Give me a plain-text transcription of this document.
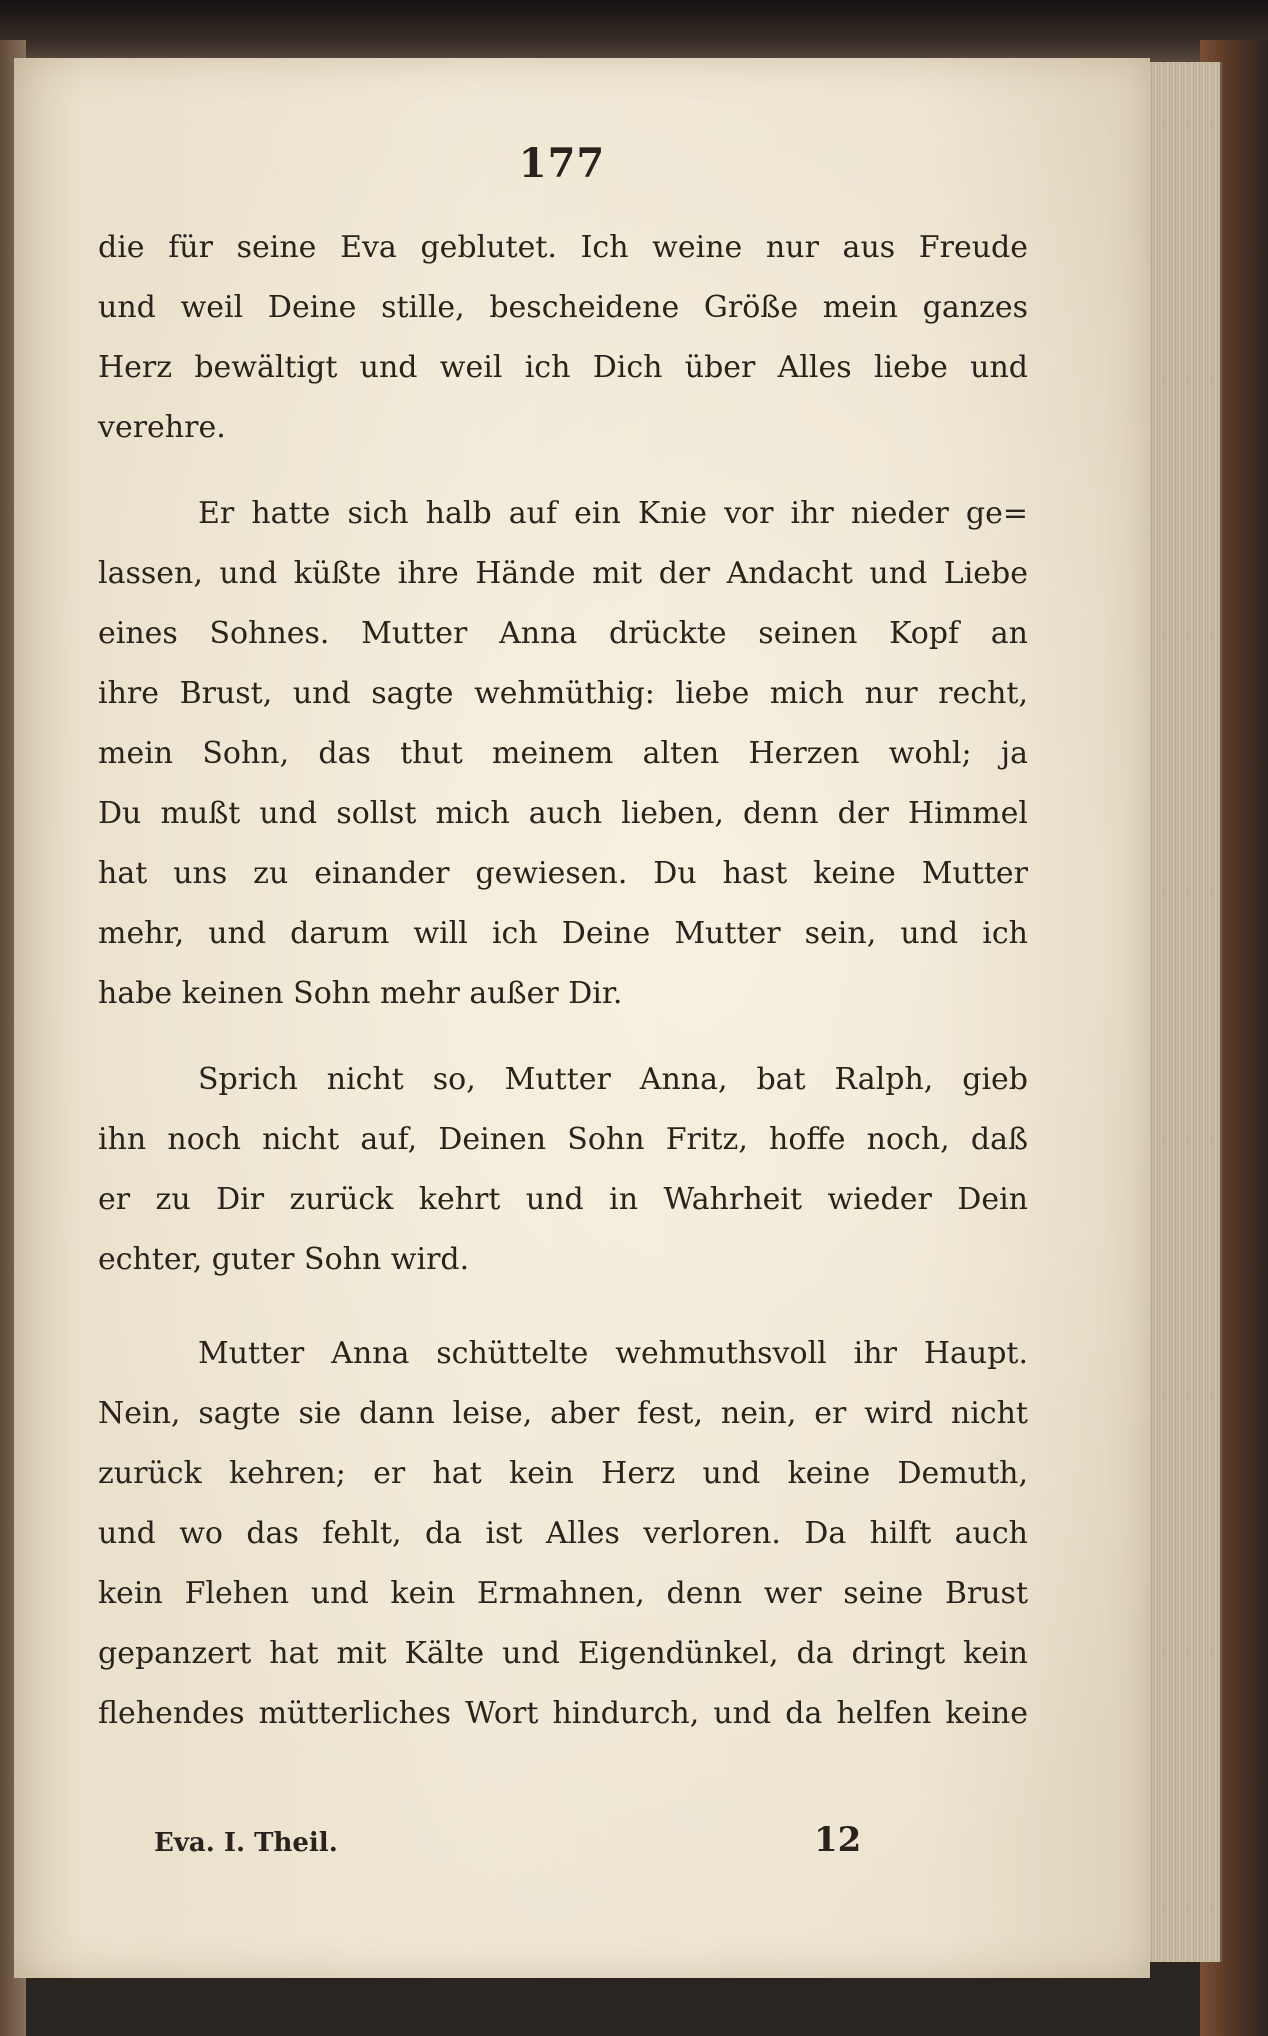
177
die für seine Eva geblutet. Ich weine nur aus Freude
und weil Deine stille, bescheidene Größe mein ganzes
Herz bewältigt und weil ich Dich über Alles liebe und
verehre.
Er hatte sich halb auf ein Knie vor ihr nieder ge=
lassen, und küßte ihre Hände mit der Andacht und Liebe
eines Sohnes. Mutter Anna drückte seinen Kopf an
ihre Brust, und sagte wehmüthig: liebe mich nur recht,
mein Sohn, das thut meinem alten Herzen wohl; ja
Du mußt und sollst mich auch lieben, denn der Himmel
hat uns zu einander gewiesen. Du hast keine Mutter
mehr, und darum will ich Deine Mutter sein, und ich
habe keinen Sohn mehr außer Dir.
Sprich nicht so, Mutter Anna, bat Ralph, gieb
ihn noch nicht auf, Deinen Sohn Fritz, hoffe noch, daß
er zu Dir zurück kehrt und in Wahrheit wieder Dein
echter, guter Sohn wird.
Mutter Anna schüttelte wehmuthsvoll ihr Haupt.
Nein, sagte sie dann leise, aber fest, nein, er wird nicht
zurück kehren; er hat kein Herz und keine Demuth,
und wo das fehlt, da ist Alles verloren. Da hilft auch
kein Flehen und kein Ermahnen, denn wer seine Brust
gepanzert hat mit Kälte und Eigendünkel, da dringt kein
flehendes mütterliches Wort hindurch, und da helfen keine
Eva. I. Theil.	12
